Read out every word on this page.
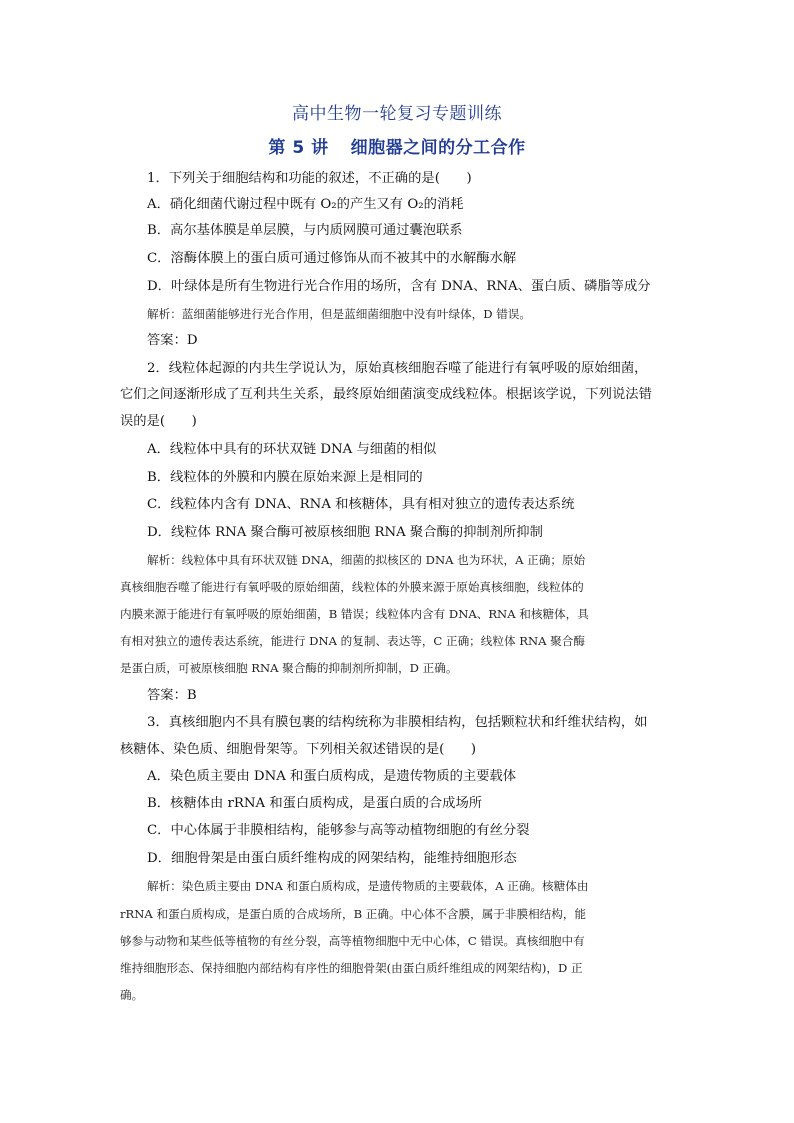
高中生物一轮复习专题训练
第 5 讲 细胞器之间的分工合作
1．下列关于细胞结构和功能的叙述，不正确的是(　　)
A．硝化细菌代谢过程中既有 O₂的产生又有 O₂的消耗
B．高尔基体膜是单层膜，与内质网膜可通过囊泡联系
C．溶酶体膜上的蛋白质可通过修饰从而不被其中的水解酶水解
D．叶绿体是所有生物进行光合作用的场所，含有 DNA、RNA、蛋白质、磷脂等成分
解析：蓝细菌能够进行光合作用，但是蓝细菌细胞中没有叶绿体，D 错误。
答案：D
2．线粒体起源的内共生学说认为，原始真核细胞吞噬了能进行有氧呼吸的原始细菌，
它们之间逐渐形成了互利共生关系，最终原始细菌演变成线粒体。根据该学说，下列说法错
误的是(　　)
A．线粒体中具有的环状双链 DNA 与细菌的相似
B．线粒体的外膜和内膜在原始来源上是相同的
C．线粒体内含有 DNA、RNA 和核糖体，具有相对独立的遗传表达系统
D．线粒体 RNA 聚合酶可被原核细胞 RNA 聚合酶的抑制剂所抑制
解析：线粒体中具有环状双链 DNA，细菌的拟核区的 DNA 也为环状，A 正确；原始
真核细胞吞噬了能进行有氧呼吸的原始细菌，线粒体的外膜来源于原始真核细胞，线粒体的
内膜来源于能进行有氧呼吸的原始细菌，B 错误；线粒体内含有 DNA、RNA 和核糖体，具
有相对独立的遗传表达系统，能进行 DNA 的复制、表达等，C 正确；线粒体 RNA 聚合酶
是蛋白质，可被原核细胞 RNA 聚合酶的抑制剂所抑制，D 正确。
答案：B
3．真核细胞内不具有膜包裹的结构统称为非膜相结构，包括颗粒状和纤维状结构，如
核糖体、染色质、细胞骨架等。下列相关叙述错误的是(　　)
A．染色质主要由 DNA 和蛋白质构成，是遗传物质的主要载体
B．核糖体由 rRNA 和蛋白质构成，是蛋白质的合成场所
C．中心体属于非膜相结构，能够参与高等动植物细胞的有丝分裂
D．细胞骨架是由蛋白质纤维构成的网架结构，能维持细胞形态
解析：染色质主要由 DNA 和蛋白质构成，是遗传物质的主要载体，A 正确。核糖体由
rRNA 和蛋白质构成，是蛋白质的合成场所，B 正确。中心体不含膜，属于非膜相结构，能
够参与动物和某些低等植物的有丝分裂，高等植物细胞中无中心体，C 错误。真核细胞中有
维持细胞形态、保持细胞内部结构有序性的细胞骨架(由蛋白质纤维组成的网架结构)，D 正
确。
